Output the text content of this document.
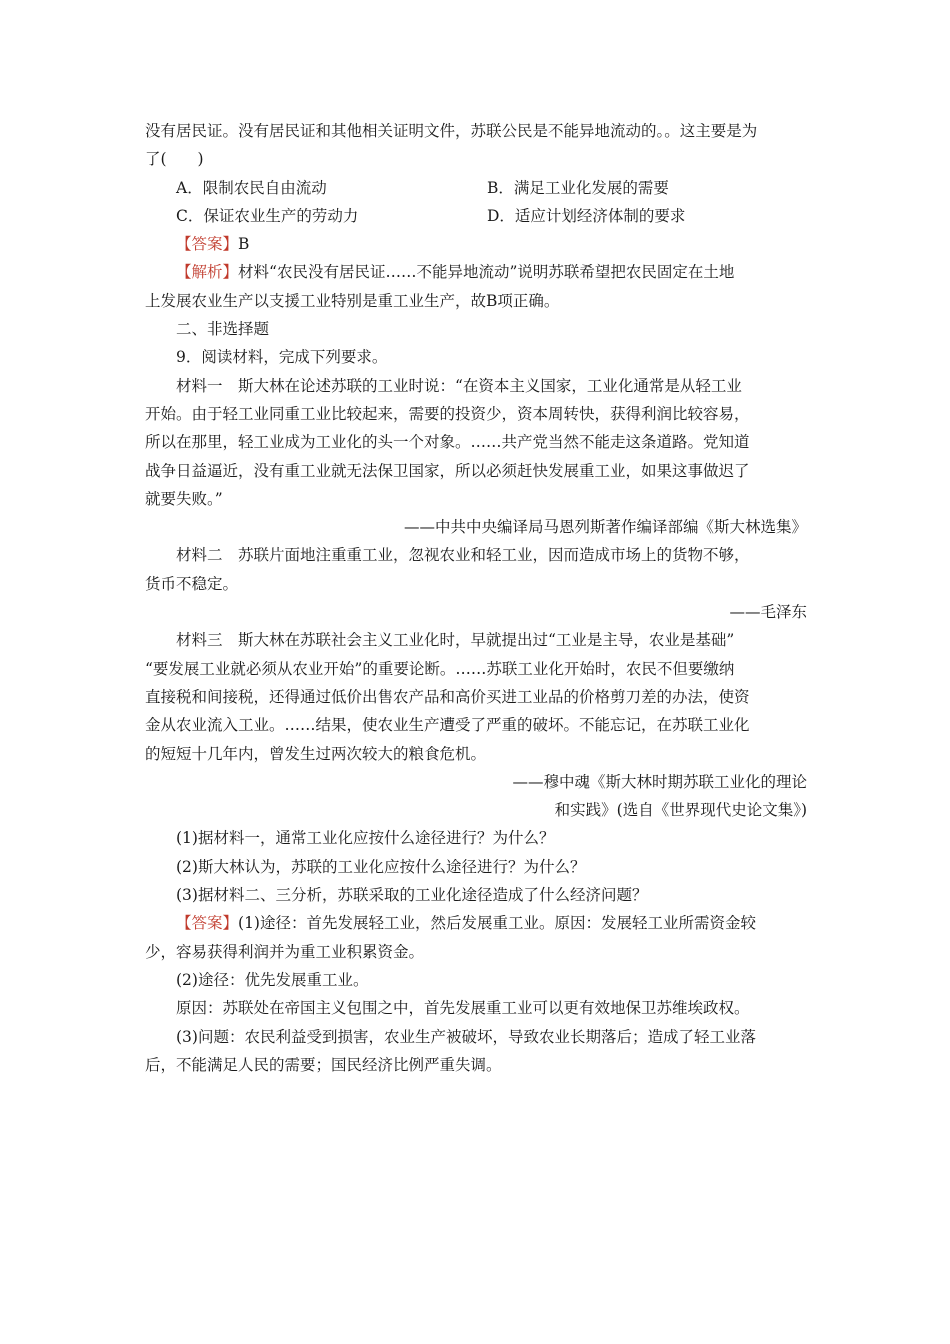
没有居民证。没有居民证和其他相关证明文件，苏联公民是不能异地流动的。。这主要是为
了(　　)
A．限制农民自由流动	B．满足工业化发展的需要
C．保证农业生产的劳动力	D．适应计划经济体制的要求
【答案】B
【解析】材料“农民没有居民证……不能异地流动”说明苏联希望把农民固定在土地
上发展农业生产以支援工业特别是重工业生产，故B项正确。
二、非选择题
9．阅读材料，完成下列要求。
材料一　斯大林在论述苏联的工业时说：“在资本主义国家，工业化通常是从轻工业
开始。由于轻工业同重工业比较起来，需要的投资少，资本周转快，获得利润比较容易，
所以在那里，轻工业成为工业化的头一个对象。……共产党当然不能走这条道路。党知道
战争日益逼近，没有重工业就无法保卫国家，所以必须赶快发展重工业，如果这事做迟了
就要失败。”
——中共中央编译局马恩列斯著作编译部编《斯大林选集》
材料二　苏联片面地注重重工业，忽视农业和轻工业，因而造成市场上的货物不够，
货币不稳定。
——毛泽东
材料三　斯大林在苏联社会主义工业化时，早就提出过“工业是主导，农业是基础”
“要发展工业就必须从农业开始”的重要论断。……苏联工业化开始时，农民不但要缴纳
直接税和间接税，还得通过低价出售农产品和高价买进工业品的价格剪刀差的办法，使资
金从农业流入工业。……结果，使农业生产遭受了严重的破坏。不能忘记，在苏联工业化
的短短十几年内，曾发生过两次较大的粮食危机。
——穆中魂《斯大林时期苏联工业化的理论
和实践》(选自《世界现代史论文集》)
(1)据材料一，通常工业化应按什么途径进行？为什么？
(2)斯大林认为，苏联的工业化应按什么途径进行？为什么？
(3)据材料二、三分析，苏联采取的工业化途径造成了什么经济问题？
【答案】(1)途径：首先发展轻工业，然后发展重工业。原因：发展轻工业所需资金较
少，容易获得利润并为重工业积累资金。
(2)途径：优先发展重工业。
原因：苏联处在帝国主义包围之中，首先发展重工业可以更有效地保卫苏维埃政权。
(3)问题：农民利益受到损害，农业生产被破坏，导致农业长期落后；造成了轻工业落
后，不能满足人民的需要；国民经济比例严重失调。
